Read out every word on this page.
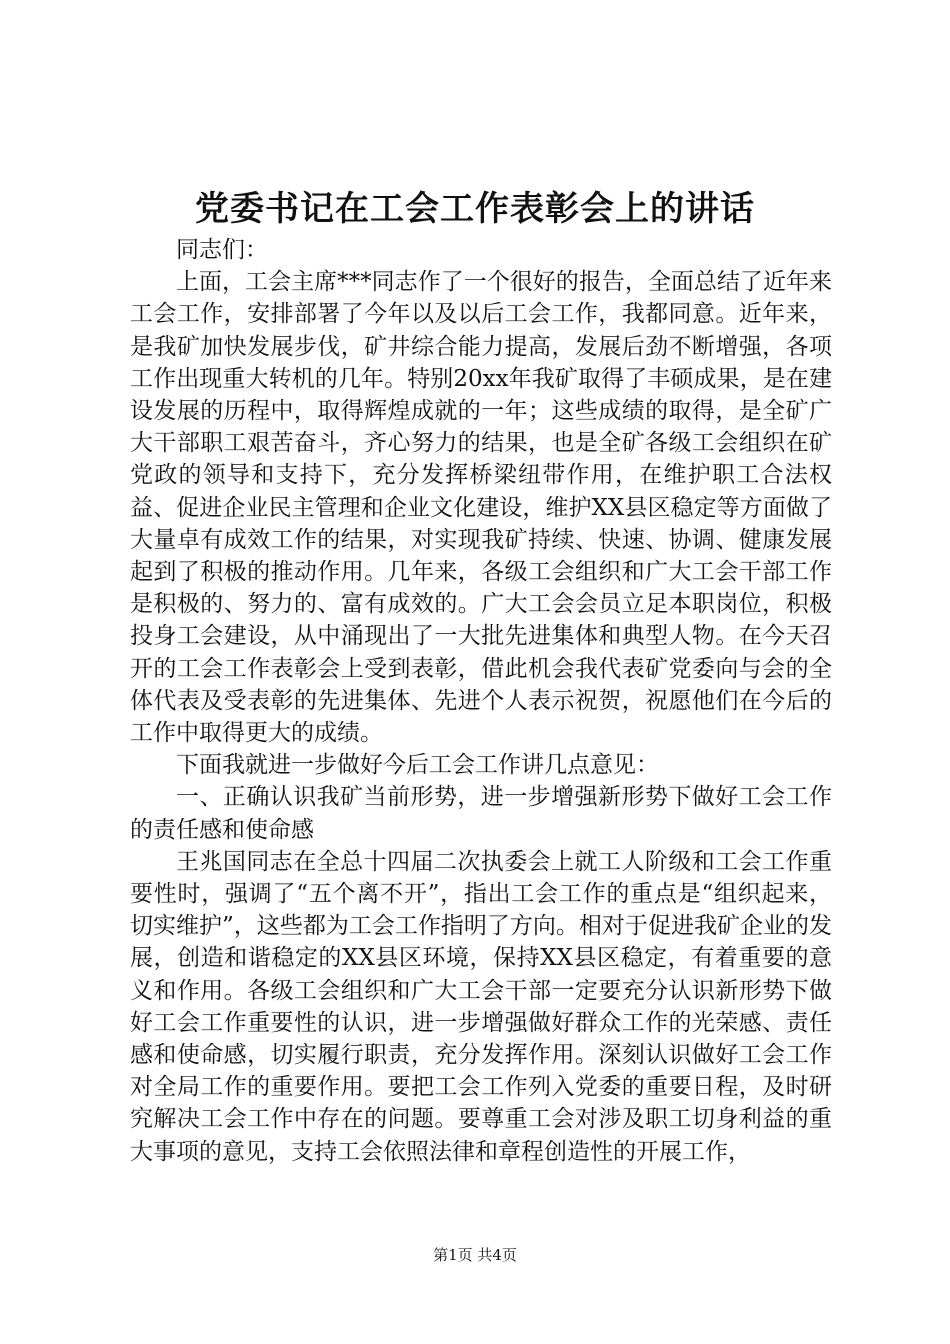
党委书记在工会工作表彰会上的讲话

同志们：

上面，工会主席***同志作了一个很好的报告，全面总结了近年来工会工作，安排部署了今年以及以后工会工作，我都同意。近年来，是我矿加快发展步伐，矿井综合能力提高，发展后劲不断增强，各项工作出现重大转机的几年。特别20xx年我矿取得了丰硕成果，是在建设发展的历程中，取得辉煌成就的一年；这些成绩的取得，是全矿广大干部职工艰苦奋斗，齐心努力的结果，也是全矿各级工会组织在矿党政的领导和支持下，充分发挥桥梁纽带作用，在维护职工合法权益、促进企业民主管理和企业文化建设，维护XX县区稳定等方面做了大量卓有成效工作的结果，对实现我矿持续、快速、协调、健康发展起到了积极的推动作用。几年来，各级工会组织和广大工会干部工作是积极的、努力的、富有成效的。广大工会会员立足本职岗位，积极投身工会建设，从中涌现出了一大批先进集体和典型人物。在今天召开的工会工作表彰会上受到表彰，借此机会我代表矿党委向与会的全体代表及受表彰的先进集体、先进个人表示祝贺，祝愿他们在今后的工作中取得更大的成绩。

下面我就进一步做好今后工会工作讲几点意见：

一、正确认识我矿当前形势，进一步增强新形势下做好工会工作的责任感和使命感

王兆国同志在全总十四届二次执委会上就工人阶级和工会工作重要性时，强调了“五个离不开”，指出工会工作的重点是“组织起来，切实维护”，这些都为工会工作指明了方向。相对于促进我矿企业的发展，创造和谐稳定的XX县区环境，保持XX县区稳定，有着重要的意义和作用。各级工会组织和广大工会干部一定要充分认识新形势下做好工会工作重要性的认识，进一步增强做好群众工作的光荣感、责任感和使命感，切实履行职责，充分发挥作用。深刻认识做好工会工作对全局工作的重要作用。要把工会工作列入党委的重要日程，及时研究解决工会工作中存在的问题。要尊重工会对涉及职工切身利益的重大事项的意见，支持工会依照法律和章程创造性的开展工作，

第1页 共4页
